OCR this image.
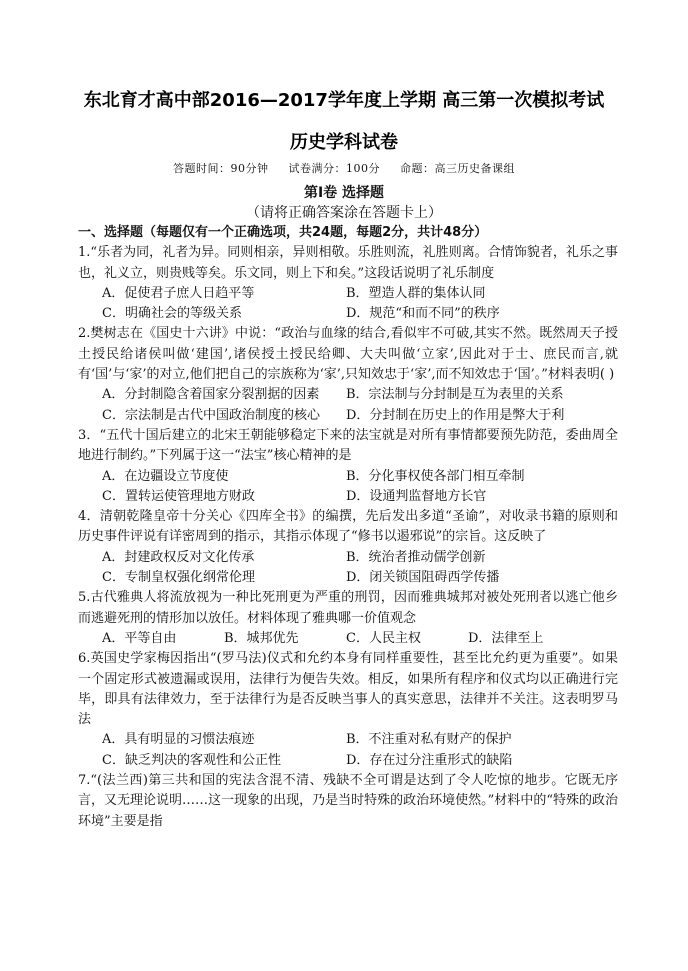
东北育才高中部2016—2017学年度上学期 高三第一次模拟考试
历史学科试卷
答题时间：90分钟 试卷满分：100分 命题：高三历史备课组
第Ⅰ卷 选择题
（请将正确答案涂在答题卡上）

一、选择题（每题仅有一个正确选项，共24题，每题2分，共计48分）

1.“乐者为同，礼者为异。同则相亲，异则相敬。乐胜则流，礼胜则离。合情饰貌者，礼乐之事也，礼义立，则贵贱等矣。乐文同，则上下和矣。”这段话说明了礼乐制度

A．促使君子庶人日趋平等	B．塑造人群的集体认同
C．明确社会的等级关系	D．规范“和而不同”的秩序

2.樊树志在《国史十六讲》中说：“政治与血缘的结合,看似牢不可破,其实不然。既然周天子授土授民给诸侯叫做‘建国’,诸侯授土授民给卿、大夫叫做‘立家’,因此对于士、庶民而言,就有‘国’与‘家’的对立,他们把自己的宗族称为‘家’,只知效忠于‘家’,而不知效忠于‘国’。”材料表明( )

A．分封制隐含着国家分裂割据的因素	B．宗法制与分封制是互为表里的关系
C．宗法制是古代中国政治制度的核心	D．分封制在历史上的作用是弊大于利

3．“五代十国后建立的北宋王朝能够稳定下来的法宝就是对所有事情都要预先防范，委曲周全地进行制约。”下列属于这一“法宝”核心精神的是

A．在边疆设立节度使	B．分化事权使各部门相互牵制
C．置转运使管理地方财政	D．设通判监督地方长官

4．清朝乾隆皇帝十分关心《四库全书》的编撰，先后发出多道“圣谕”，对收录书籍的原则和历史事件评说有详密周到的指示，其指示体现了“修书以遏邪说”的宗旨。这反映了

A．封建政权反对文化传承	B．统治者推动儒学创新
C．专制皇权强化纲常伦理	D．闭关锁国阻碍西学传播

5.古代雅典人将流放视为一种比死刑更为严重的刑罚，因而雅典城邦对被处死刑者以逃亡他乡而逃避死刑的情形加以放任。材料体现了雅典哪一价值观念

A．平等自由	B．城邦优先	C．人民主权	D．法律至上

6.英国史学家梅因指出“(罗马法)仪式和允约本身有同样重要性，甚至比允约更为重要”。如果一个固定形式被遗漏或误用，法律行为便告失效。相反，如果所有程序和仪式均以正确进行完毕，即具有法律效力，至于法律行为是否反映当事人的真实意思，法律并不关注。这表明罗马法

A．具有明显的习惯法痕迹	B．不注重对私有财产的保护
C．缺乏判决的客观性和公正性	D．存在过分注重形式的缺陷

7.“(法兰西)第三共和国的宪法含混不清、残缺不全可谓是达到了令人吃惊的地步。它既无序言，又无理论说明……这一现象的出现，乃是当时特殊的政治环境使然。”材料中的“特殊的政治环境”主要是指
